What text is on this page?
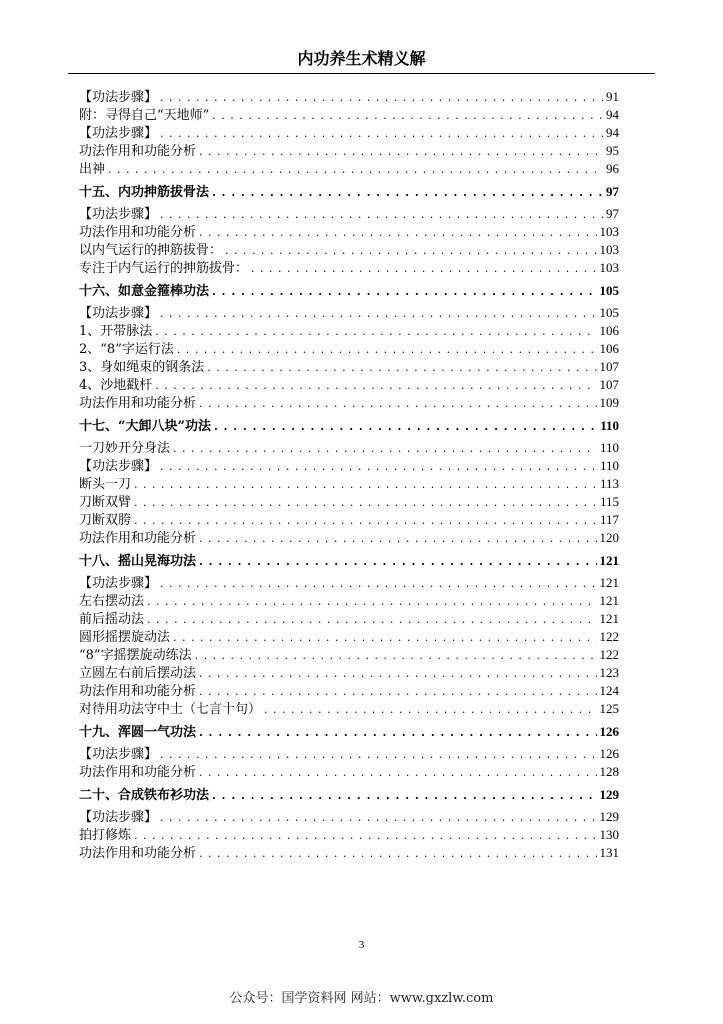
内功养生术精义解
【功法步骤】 . . .	91
附：寻得自己“天地师” . . .	94
【功法步骤】 . . .	94
功法作用和功能分析 . . .	95
出神 . . .	96
十五、内功抻筋拔骨法 . . .	97
【功法步骤】 . . .	97
功法作用和功能分析 . . .	103
以内气运行的抻筋拔骨： . . .	103
专注于内气运行的抻筋拔骨： . . .	103
十六、如意金箍棒功法 . . .	105
【功法步骤】 . . .	105
1、开带脉法 . . .	106
2、“8”字运行法 . . .	106
3、身如绳束的钢条法 . . .	107
4、沙地戳杆 . . .	107
功法作用和功能分析 . . .	109
十七、“大卸八块”功法 . . .	110
一刀妙开分身法 . . .	110
【功法步骤】 . . .	110
断头一刀 . . .	113
刀断双臂 . . .	115
刀断双胯 . . .	117
功法作用和功能分析 . . .	120
十八、摇山晃海功法 . . .	121
【功法步骤】 . . .	121
左右摆动法 . . .	121
前后摇动法 . . .	121
圆形摇摆旋动法 . . .	122
“8”字摇摆旋动练法 . . .	122
立圆左右前后摆动法 . . .	123
功法作用和功能分析 . . .	124
对待用功法守中土（七言十句） . . .	125
十九、浑圆一气功法 . . .	126
【功法步骤】 . . .	126
功法作用和功能分析 . . .	128
二十、合成铁布衫功法 . . .	129
【功法步骤】 . . .	129
拍打修炼 . . .	130
功法作用和功能分析 . . .	131
3
公众号：国学资料网 网站：www.gxzlw.com
